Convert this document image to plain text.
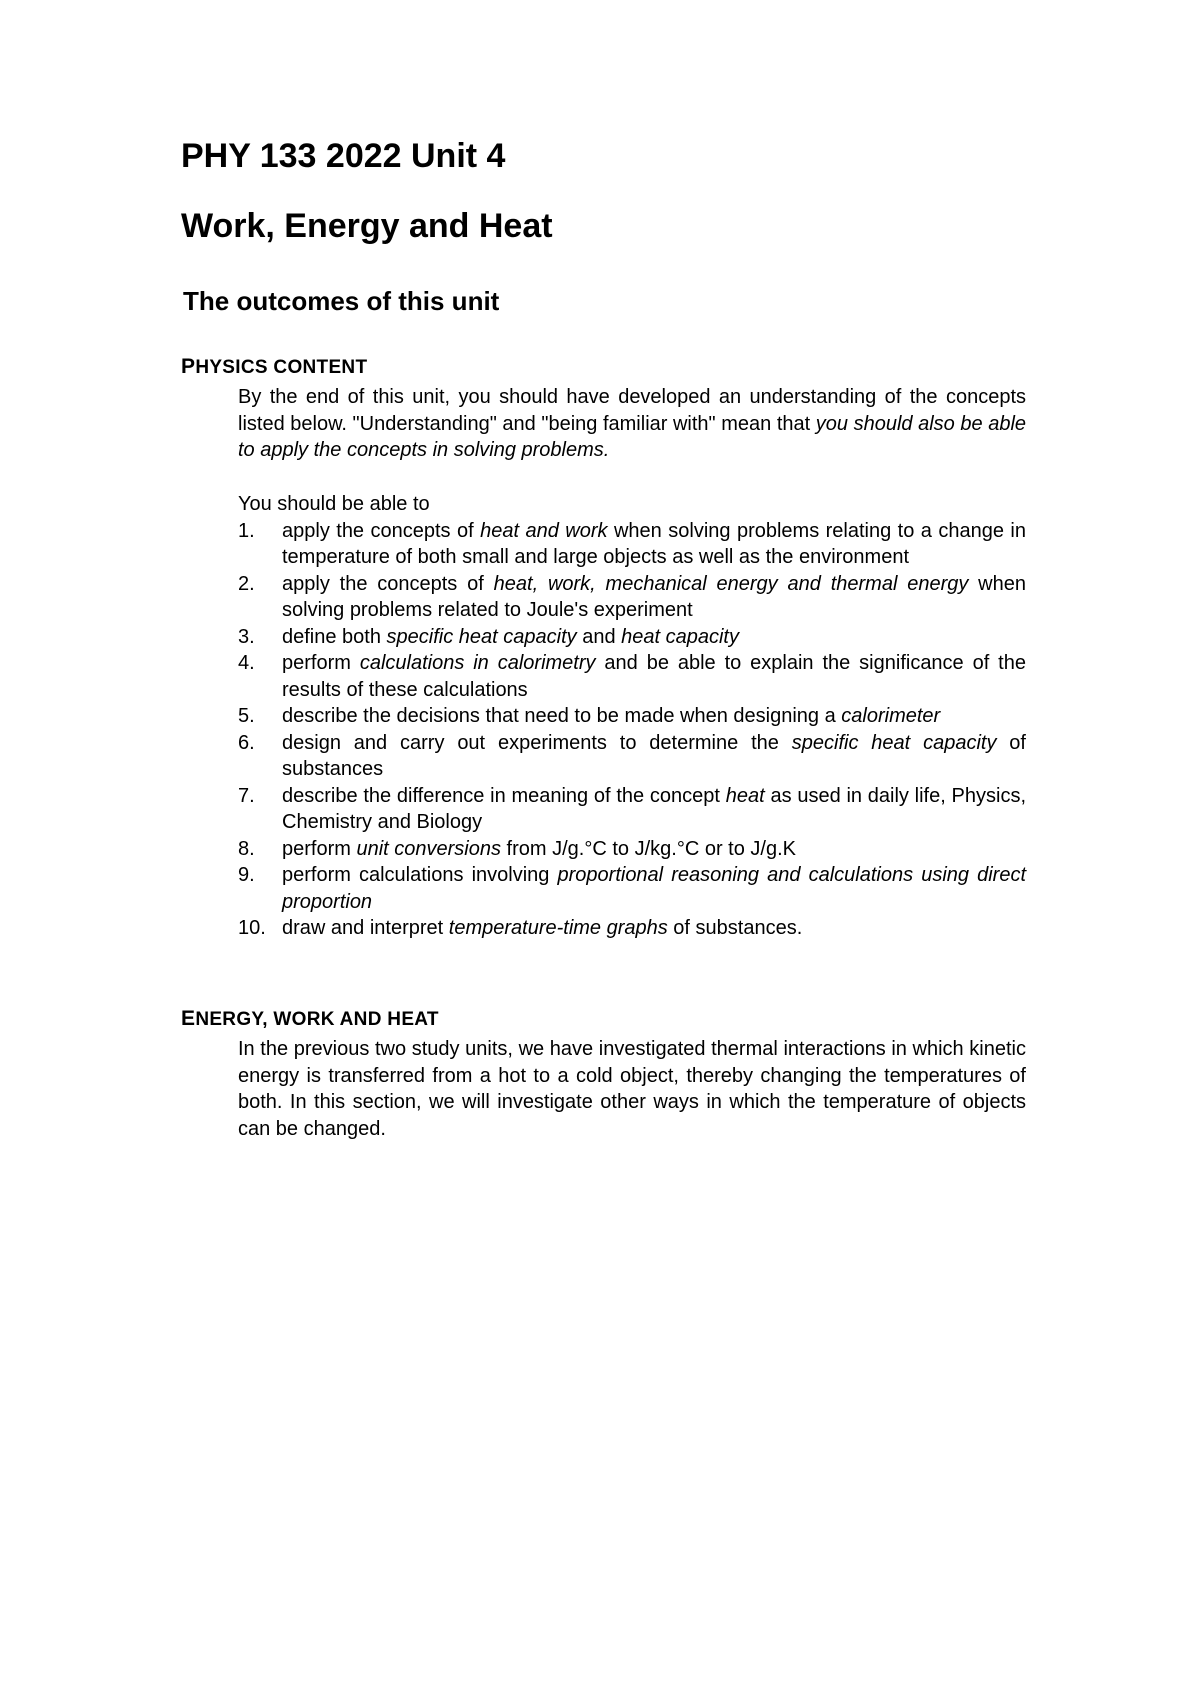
PHY 133 2022 Unit 4
Work, Energy and Heat
The outcomes of this unit
PHYSICS CONTENT

By the end of this unit, you should have developed an understanding of the concepts listed below. "Understanding" and "being familiar with" mean that you should also be able to apply the concepts in solving problems.

You should be able to
1. apply the concepts of heat and work when solving problems relating to a change in temperature of both small and large objects as well as the environment
2. apply the concepts of heat, work, mechanical energy and thermal energy when solving problems related to Joule's experiment
3. define both specific heat capacity and heat capacity
4. perform calculations in calorimetry and be able to explain the significance of the results of these calculations
5. describe the decisions that need to be made when designing a calorimeter
6. design and carry out experiments to determine the specific heat capacity of substances
7. describe the difference in meaning of the concept heat as used in daily life, Physics, Chemistry and Biology
8. perform unit conversions from J/g.°C to J/kg.°C or to J/g.K
9. perform calculations involving proportional reasoning and calculations using direct proportion
10. draw and interpret temperature-time graphs of substances.
ENERGY, WORK AND HEAT

In the previous two study units, we have investigated thermal interactions in which kinetic energy is transferred from a hot to a cold object, thereby changing the temperatures of both. In this section, we will investigate other ways in which the temperature of objects can be changed.
